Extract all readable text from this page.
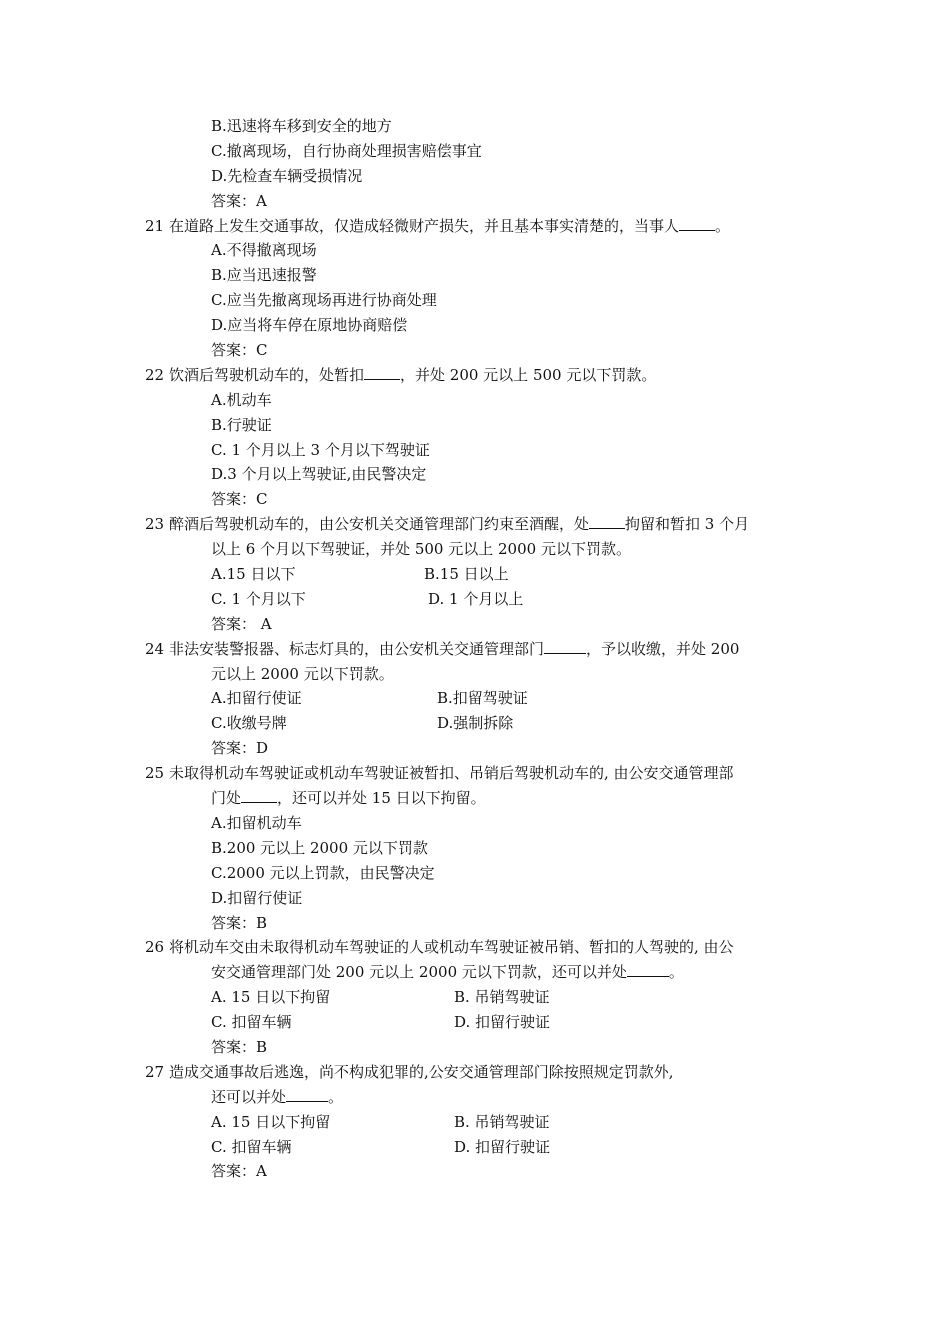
B.迅速将车移到安全的地方
C.撤离现场，自行协商处理损害赔偿事宜
D.先检查车辆受损情况
答案：A
21 在道路上发生交通事故，仅造成轻微财产损失，并且基本事实清楚的，当事人 。
A.不得撤离现场
B.应当迅速报警
C.应当先撤离现场再进行协商处理
D.应当将车停在原地协商赔偿
答案：C
22 饮酒后驾驶机动车的，处暂扣 ，并处 200 元以上 500 元以下罚款。
A.机动车
B.行驶证
C. 1 个月以上 3 个月以下驾驶证
D.3 个月以上驾驶证,由民警决定
答案：C
23 醉酒后驾驶机动车的，由公安机关交通管理部门约束至酒醒，处 拘留和暂扣 3 个月
以上 6 个月以下驾驶证，并处 500 元以上 2000 元以下罚款。
A.15 日以下	B.15 日以上
C. 1 个月以下	D. 1 个月以上
答案： A
24 非法安装警报器、标志灯具的，由公安机关交通管理部门	，予以收缴，并处 200
元以上 2000 元以下罚款。
A.扣留行使证	B.扣留驾驶证
C.收缴号牌	D.强制拆除
答案：D
25 未取得机动车驾驶证或机动车驾驶证被暂扣、吊销后驾驶机动车的, 由公安交通管理部
门处 ，还可以并处 15 日以下拘留。
A.扣留机动车
B.200 元以上 2000 元以下罚款
C.2000 元以上罚款，由民警决定
D.扣留行使证
答案：B
26 将机动车交由未取得机动车驾驶证的人或机动车驾驶证被吊销、暂扣的人驾驶的, 由公
安交通管理部门处 200 元以上 2000 元以下罚款，还可以并处	。
A. 15 日以下拘留	B. 吊销驾驶证
C. 扣留车辆	D. 扣留行驶证
答案：B
27 造成交通事故后逃逸，尚不构成犯罪的,公安交通管理部门除按照规定罚款外,
还可以并处	。
A. 15 日以下拘留	B. 吊销驾驶证
C. 扣留车辆	D. 扣留行驶证
答案：A
